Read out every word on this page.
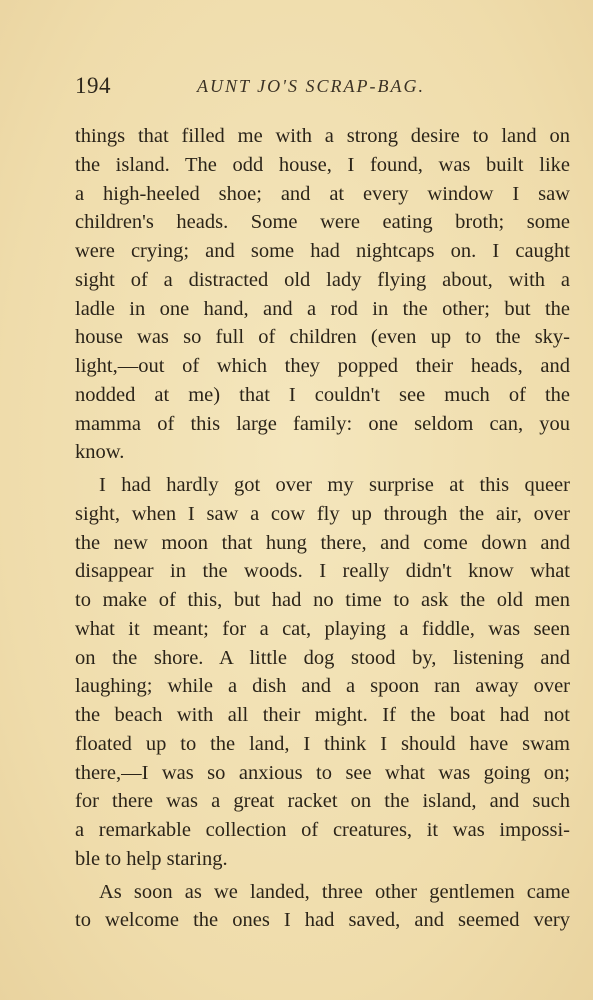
194	AUNT JO'S SCRAP-BAG.
things that filled me with a strong desire to land on
the island. The odd house, I found, was built like
a high-heeled shoe; and at every window I saw
children's heads. Some were eating broth; some
were crying; and some had nightcaps on. I caught
sight of a distracted old lady flying about, with a
ladle in one hand, and a rod in the other; but the
house was so full of children (even up to the sky-
light,—out of which they popped their heads, and
nodded at me) that I couldn't see much of the
mamma of this large family: one seldom can, you
know.
I had hardly got over my surprise at this queer
sight, when I saw a cow fly up through the air, over
the new moon that hung there, and come down and
disappear in the woods. I really didn't know what
to make of this, but had no time to ask the old men
what it meant; for a cat, playing a fiddle, was seen
on the shore. A little dog stood by, listening and
laughing; while a dish and a spoon ran away over
the beach with all their might. If the boat had not
floated up to the land, I think I should have swam
there,—I was so anxious to see what was going on;
for there was a great racket on the island, and such
a remarkable collection of creatures, it was impossi-
ble to help staring.
As soon as we landed, three other gentlemen came
to welcome the ones I had saved, and seemed very
